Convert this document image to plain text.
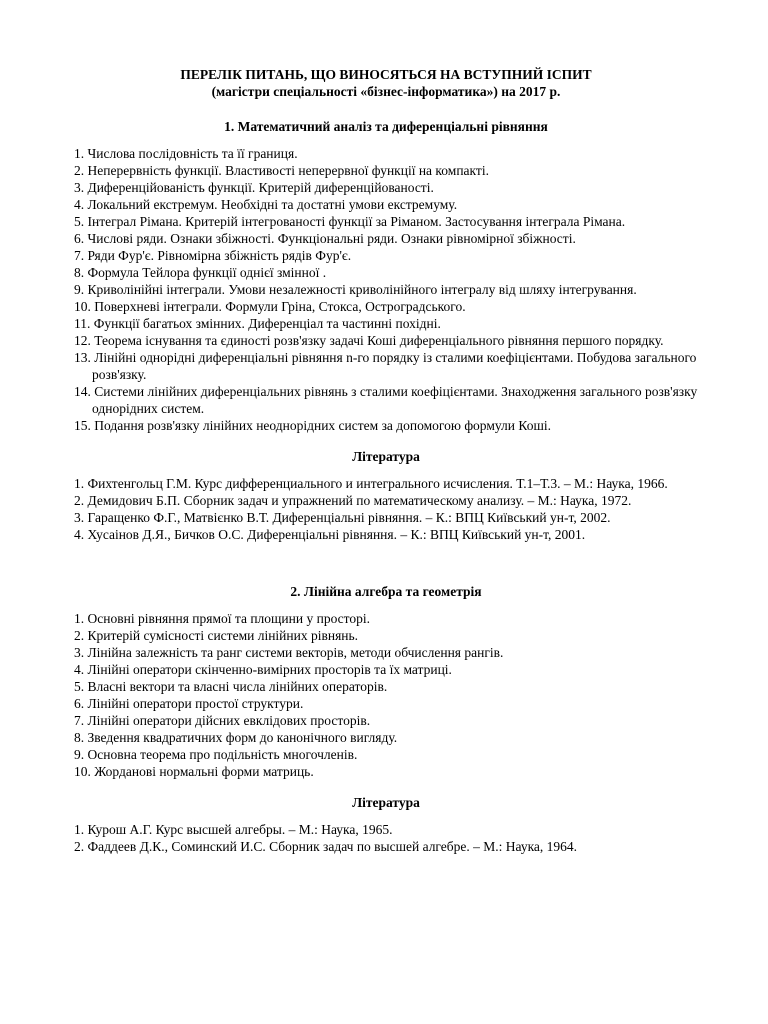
ПЕРЕЛІК ПИТАНЬ, ЩО ВИНОСЯТЬСЯ НА ВСТУПНИЙ ІСПИТ

(магістри спеціальності «бізнес-інформатика») на 2017 р.

1. Математичний аналіз та диференціальні рівняння

1. Числова послідовність та її границя.
2. Неперервність функції. Властивості неперервної функції на компакті.
3. Диференційованість функції. Критерій диференційованості.
4. Локальний екстремум. Необхідні та достатні умови екстремуму.
5. Інтеграл Рімана. Критерій інтегрованості функції за Ріманом. Застосування інтеграла Рімана.
6. Числові ряди. Ознаки збіжності. Функціональні ряди. Ознаки рівномірної збіжності.
7. Ряди Фур'є. Рівномірна збіжність рядів Фур'є.
8. Формула Тейлора функції однієї змінної .
9. Криволінійні інтеграли. Умови незалежності криволінійного інтегралу від шляху інтегрування.
10. Поверхневі інтеграли. Формули Гріна, Стокса, Остроградського.
11. Функції багатьох змінних. Диференціал та частинні похідні.
12. Теорема існування та єдиності розв'язку задачі Коші диференціального рівняння першого порядку.
13. Лінійні однорідні диференціальні рівняння n-го порядку із сталими коефіцієнтами. Побудова загального розв'язку.
14. Системи лінійних диференціальних рівнянь з сталими коефіцієнтами. Знаходження загального розв'язку однорідних систем.
15. Подання розв'язку лінійних неоднорідних систем за допомогою формули Коші.

Література

1. Фихтенгольц Г.М. Курс дифференциального и интегрального исчисления. Т.1–Т.3. – М.: Наука, 1966.
2. Демидович Б.П. Сборник задач и упражнений по математическому анализу. – М.: Наука, 1972.
3. Гаращенко Ф.Г., Матвієнко В.Т. Диференціальні рівняння. – К.: ВПЦ Київський ун-т, 2002.
4. Хусаінов Д.Я., Бичков О.С. Диференціальні рівняння. – К.: ВПЦ Київський ун-т, 2001.

2. Лінійна алгебра та геометрія

1. Основні рівняння прямої та площини у просторі.
2. Критерій сумісності системи лінійних рівнянь.
3. Лінійна залежність та ранг системи векторів, методи обчислення рангів.
4. Лінійні оператори скінченно-вимірних просторів та їх матриці.
5. Власні вектори та власні числа лінійних операторів.
6. Лінійні оператори простої структури.
7. Лінійні оператори дійсних евклідових просторів.
8. Зведення квадратичних форм до канонічного вигляду.
9. Основна теорема про подільність многочленів.
10. Жорданові нормальні форми матриць.

Література

1. Курош А.Г. Курс высшей алгебры. – М.: Наука, 1965.
2. Фаддеев Д.К., Соминский И.С. Сборник задач по высшей алгебре. – М.: Наука, 1964.
